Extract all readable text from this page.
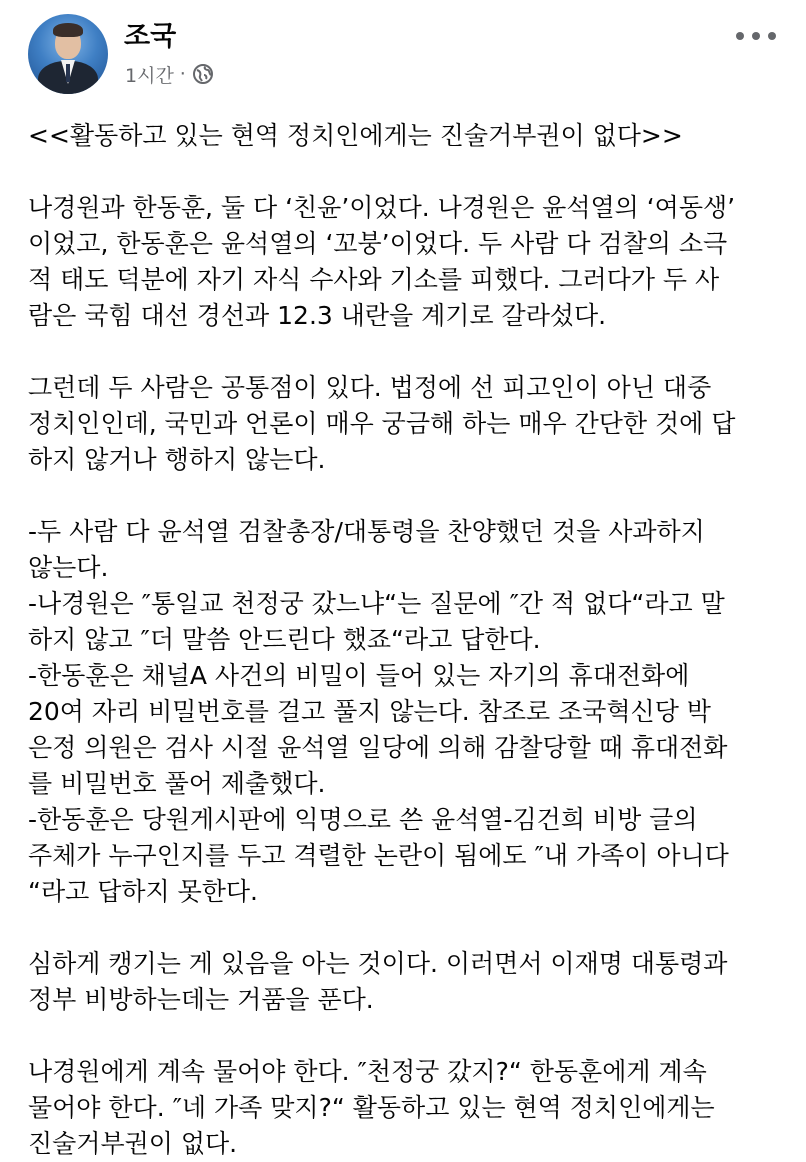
조국
1시간 ·

<<활동하고 있는 현역 정치인에게는 진술거부권이 없다>>

나경원과 한동훈, 둘 다 ‘친윤’이었다. 나경원은 윤석열의 ‘여동생’

이었고, 한동훈은 윤석열의 ‘꼬붕’이었다. 두 사람 다 검찰의 소극

적 태도 덕분에 자기 자식 수사와 기소를 피했다. 그러다가 두 사

람은 국힘 대선 경선과 12.3 내란을 계기로 갈라섰다.

그런데 두 사람은 공통점이 있다. 법정에 선 피고인이 아닌 대중

정치인인데, 국민과 언론이 매우 궁금해 하는 매우 간단한 것에 답

하지 않거나 행하지 않는다.

-두 사람 다 윤석열 검찰총장/대통령을 찬양했던 것을 사과하지

않는다.

-나경원은 ″통일교 천정궁 갔느냐“는 질문에 ″간 적 없다“라고 말

하지 않고 ″더 말씀 안드린다 했죠“라고 답한다.

-한동훈은 채널A 사건의 비밀이 들어 있는 자기의 휴대전화에

20여 자리 비밀번호를 걸고 풀지 않는다. 참조로 조국혁신당 박

은정 의원은 검사 시절 윤석열 일당에 의해 감찰당할 때 휴대전화

를 비밀번호 풀어 제출했다.

-한동훈은 당원게시판에 익명으로 쓴 윤석열-김건희 비방 글의

주체가 누구인지를 두고 격렬한 논란이 됨에도 ″내 가족이 아니다

“라고 답하지 못한다.

심하게 캥기는 게 있음을 아는 것이다. 이러면서 이재명 대통령과

정부 비방하는데는 거품을 푼다.

나경원에게 계속 물어야 한다. ″천정궁 갔지?“ 한동훈에게 계속

물어야 한다. ″네 가족 맞지?“ 활동하고 있는 현역 정치인에게는

진술거부권이 없다.
